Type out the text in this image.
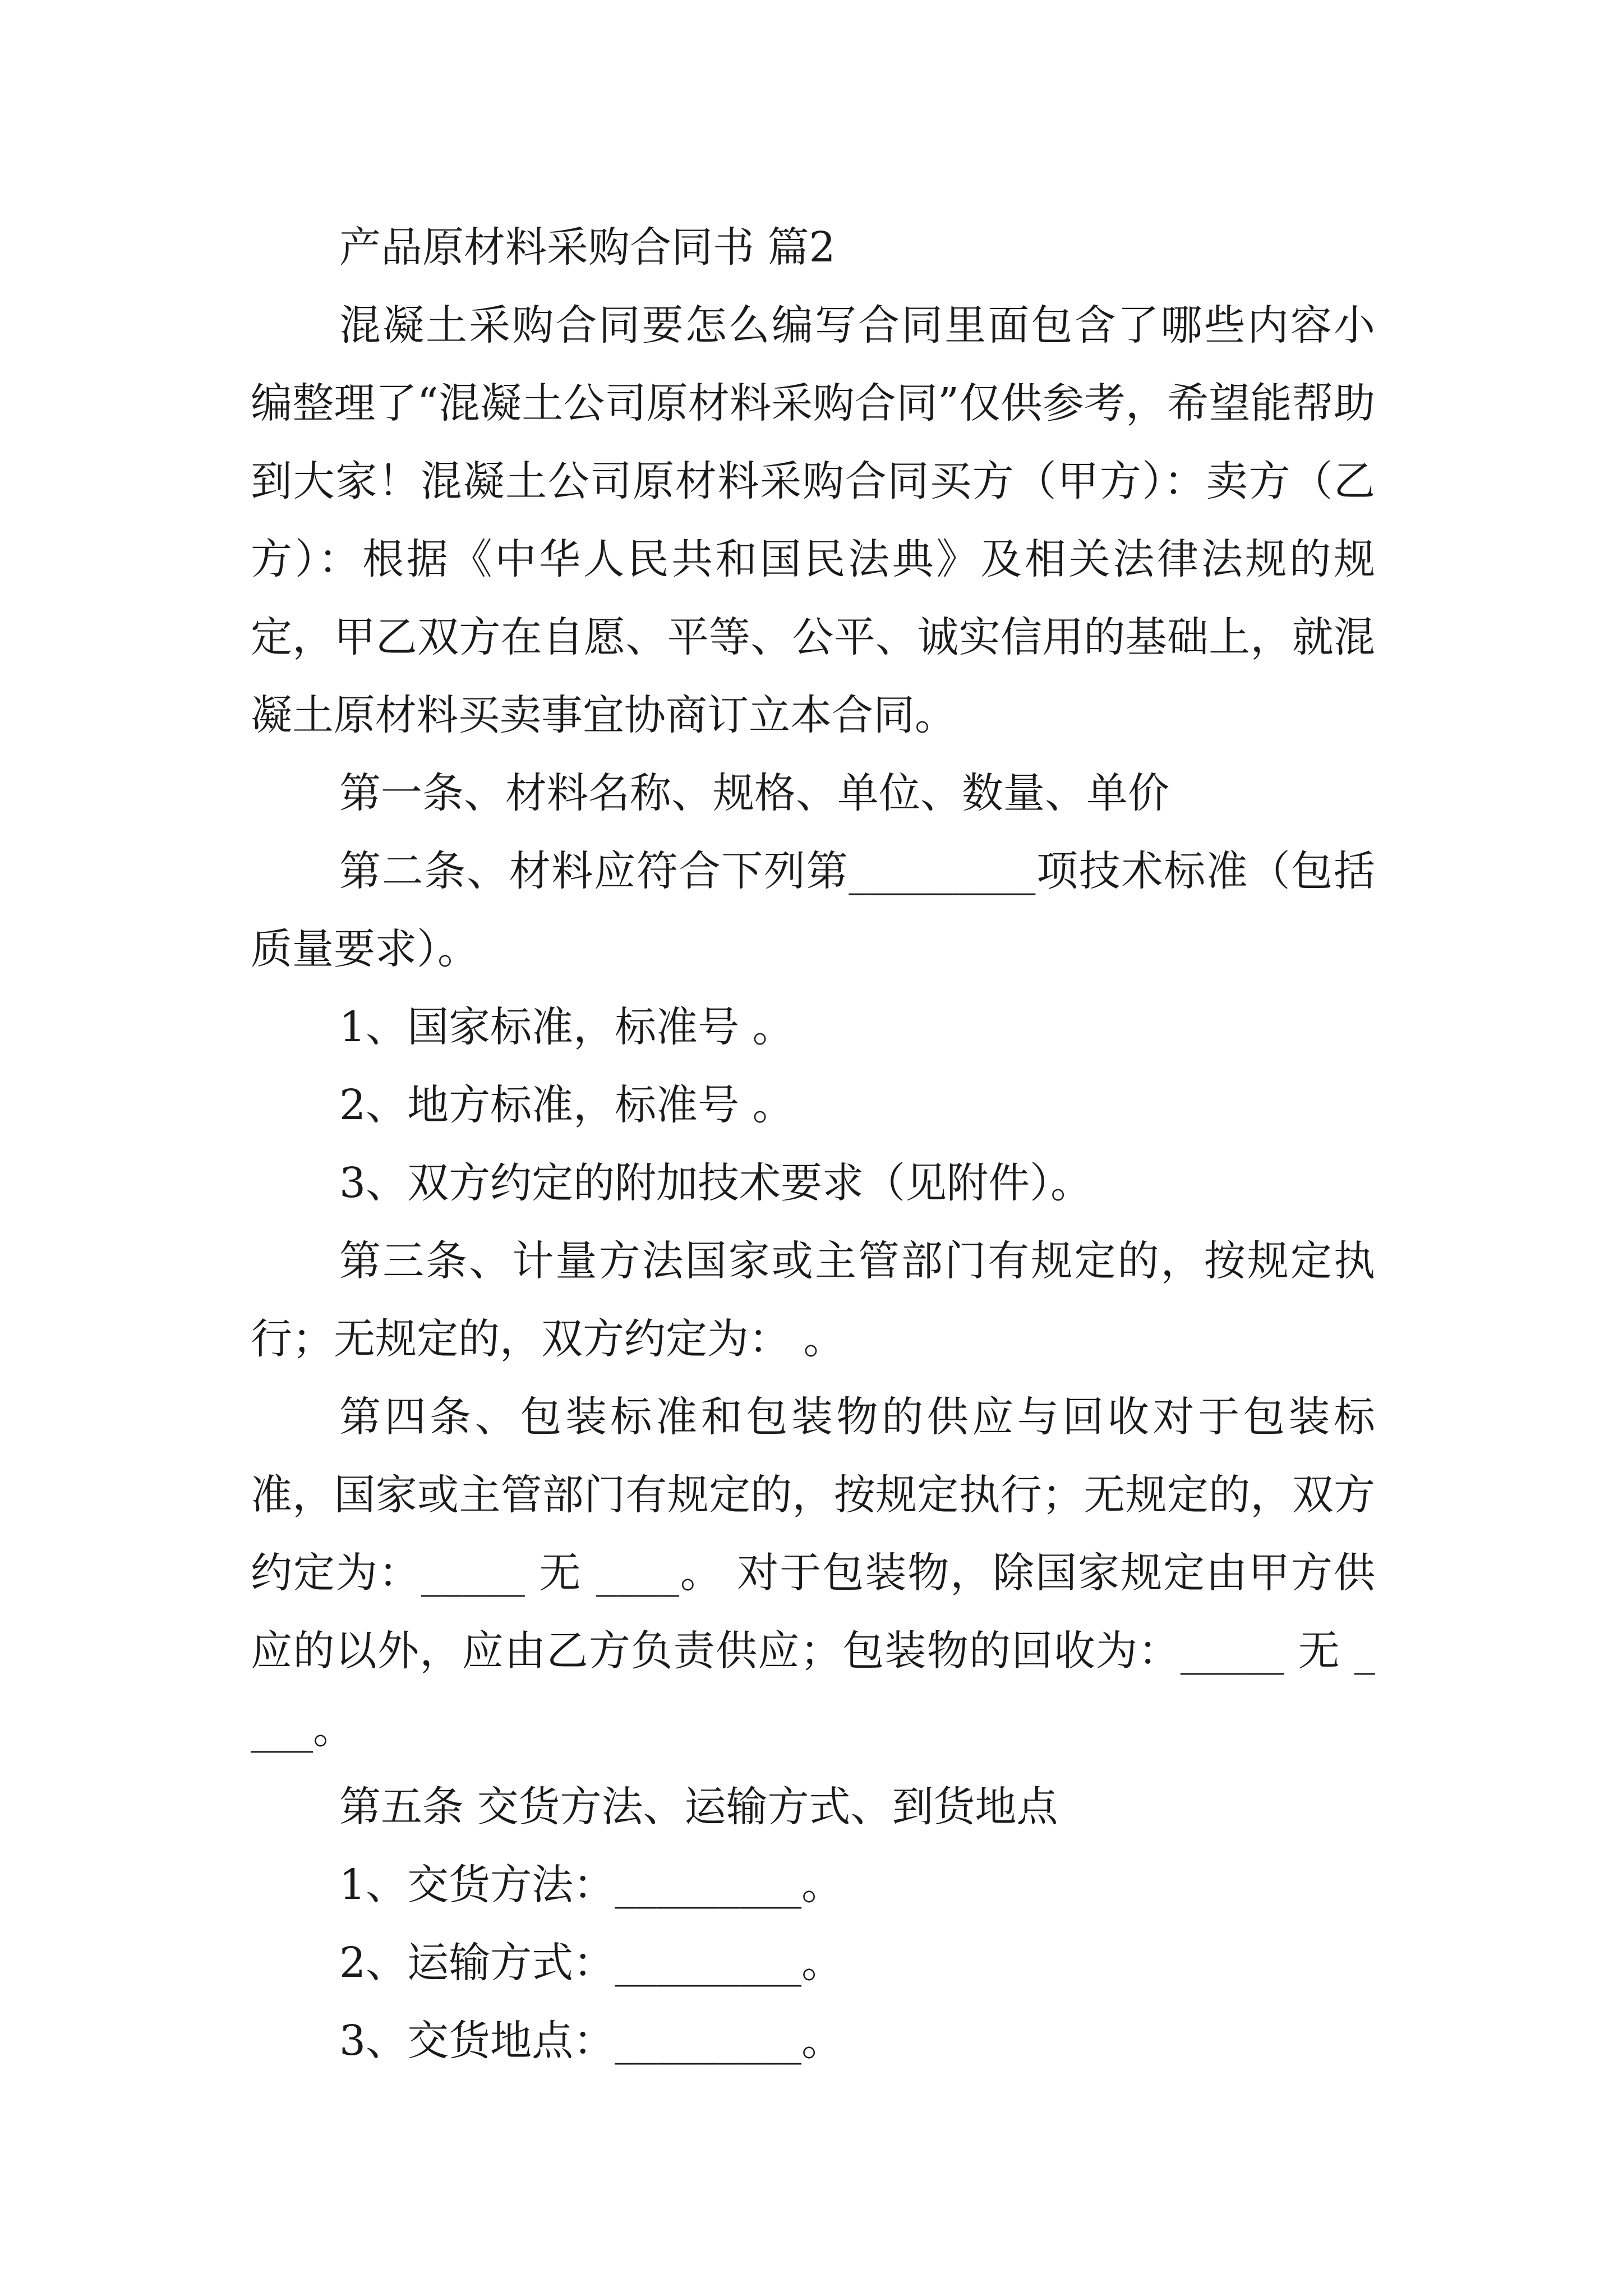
产品原材料采购合同书 篇2

混凝土采购合同要怎么编写合同里面包含了哪些内容小编整理了“混凝土公司原材料采购合同”仅供参考，希望能帮助到大家！混凝土公司原材料采购合同买方（甲方）：卖方（乙方）：根据《中华人民共和国民法典》及相关法律法规的规定，甲乙双方在自愿、平等、公平、诚实信用的基础上，就混凝土原材料买卖事宜协商订立本合同。

第一条、材料名称、规格、单位、数量、单价

第二条、材料应符合下列第_________项技术标准（包括质量要求）。

1、国家标准，标准号 。

2、地方标准，标准号 。

3、双方约定的附加技术要求（见附件）。

第三条、计量方法国家或主管部门有规定的，按规定执行；无规定的，双方约定为： 。

第四条、包装标准和包装物的供应与回收对于包装标准，国家或主管部门有规定的，按规定执行；无规定的，双方约定为：_____ 无 ____。 对于包装物，除国家规定由甲方供应的以外，应由乙方负责供应；包装物的回收为：_____ 无 ____。

第五条 交货方法、运输方式、到货地点

1、交货方法：_________。

2、运输方式：_________。

3、交货地点：_________。
